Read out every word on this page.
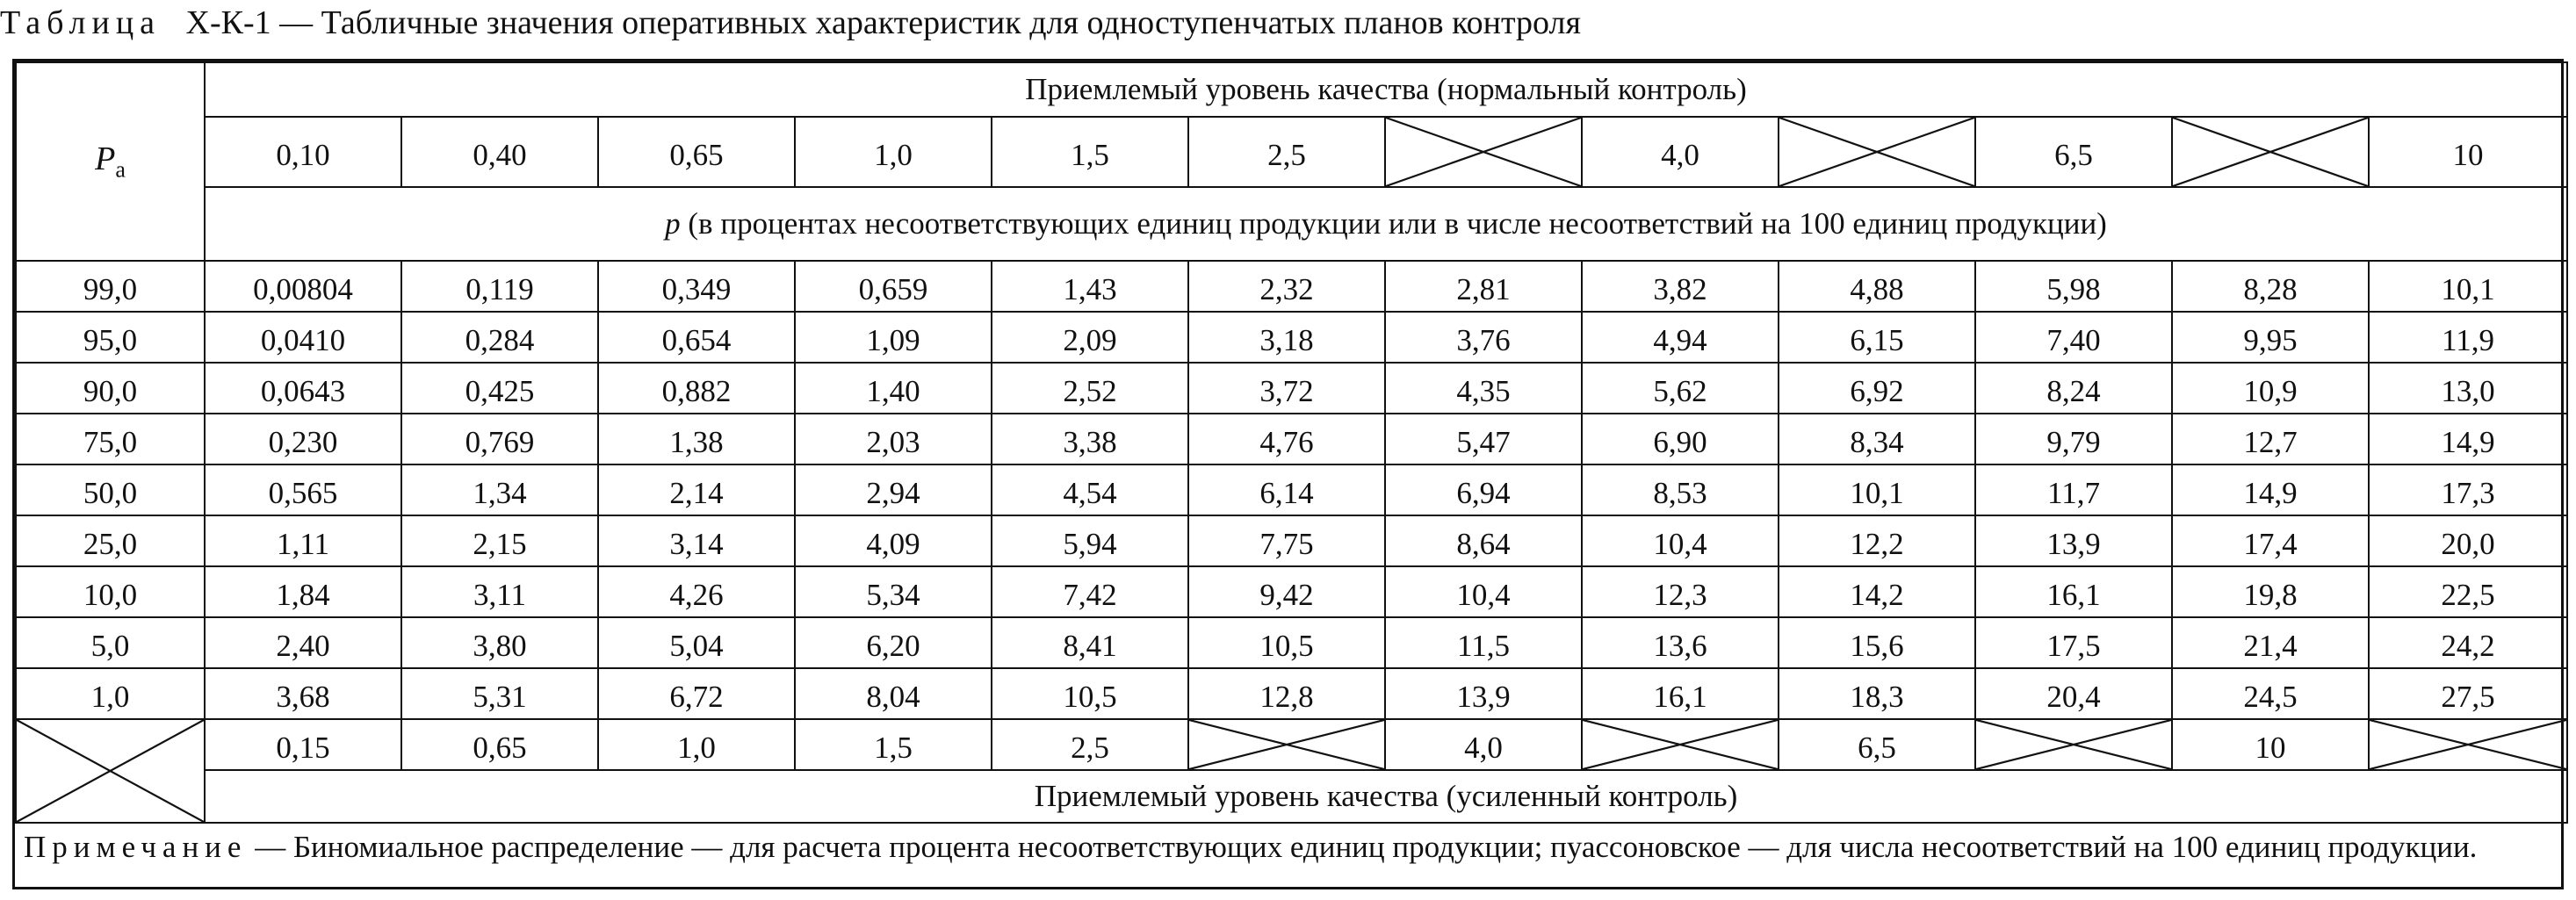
Таблица Х-К-1 — Табличные значения оперативных характеристик для одноступенчатых планов контроля
$P_a$	Приемлемый уровень качества (нормальный контроль)											
	0,10	0,40	0,65	1,0	1,5	2,5		4,0		6,5		10
	p (в процентах несоответствующих единиц продукции или в числе несоответствий на 100 единиц продукции)											
99,0	0,00804	0,119	0,349	0,659	1,43	2,32	2,81	3,82	4,88	5,98	8,28	10,1
95,0	0,0410	0,284	0,654	1,09	2,09	3,18	3,76	4,94	6,15	7,40	9,95	11,9
90,0	0,0643	0,425	0,882	1,40	2,52	3,72	4,35	5,62	6,92	8,24	10,9	13,0
75,0	0,230	0,769	1,38	2,03	3,38	4,76	5,47	6,90	8,34	9,79	12,7	14,9
50,0	0,565	1,34	2,14	2,94	4,54	6,14	6,94	8,53	10,1	11,7	14,9	17,3
25,0	1,11	2,15	3,14	4,09	5,94	7,75	8,64	10,4	12,2	13,9	17,4	20,0
10,0	1,84	3,11	4,26	5,34	7,42	9,42	10,4	12,3	14,2	16,1	19,8	22,5
5,0	2,40	3,80	5,04	6,20	8,41	10,5	11,5	13,6	15,6	17,5	21,4	24,2
1,0	3,68	5,31	6,72	8,04	10,5	12,8	13,9	16,1	18,3	20,4	24,5	27,5

	0,15	0,65	1,0	1,5	2,5		4,0		6,5		10	

	Приемлемый уровень качества (усиленный контроль)											
Примечание — Биномиальное распределение — для расчета процента несоответствующих единиц продукции; пуассоновское — для числа несоответствий на 100 единиц продукции.
